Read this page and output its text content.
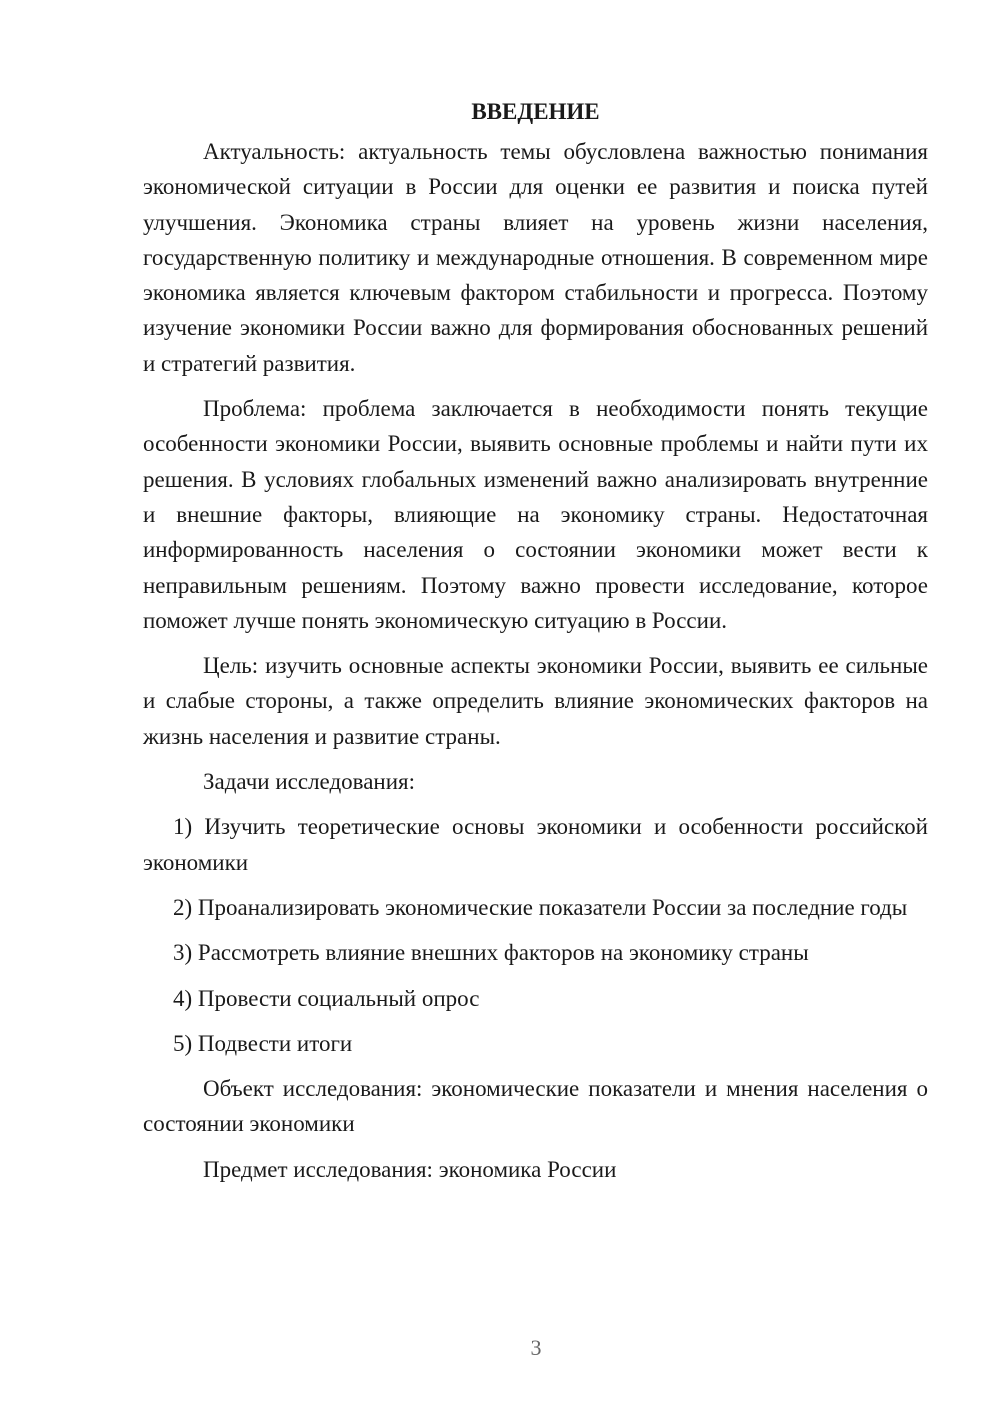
ВВЕДЕНИЕ

Актуальность: актуальность темы обусловлена важностью понимания экономической ситуации в России для оценки ее развития и поиска путей улучшения. Экономика страны влияет на уровень жизни населения, государственную политику и международные отношения. В современном мире экономика является ключевым фактором стабильности и прогресса. Поэтому изучение экономики России важно для формирования обоснованных решений и стратегий развития.

Проблема: проблема заключается в необходимости понять текущие особенности экономики России, выявить основные проблемы и найти пути их решения. В условиях глобальных изменений важно анализировать внутренние и внешние факторы, влияющие на экономику страны. Недостаточная информированность населения о состоянии экономики может вести к неправильным решениям. Поэтому важно провести исследование, которое поможет лучше понять экономическую ситуацию в России.

Цель: изучить основные аспекты экономики России, выявить ее сильные и слабые стороны, а также определить влияние экономических факторов на жизнь населения и развитие страны.

Задачи исследования:

1) Изучить теоретические основы экономики и особенности российской экономики

2) Проанализировать экономические показатели России за последние годы

3) Рассмотреть влияние внешних факторов на экономику страны

4) Провести социальный опрос

5) Подвести итоги

Объект исследования: экономические показатели и мнения населения о состоянии экономики

Предмет исследования: экономика России

3
